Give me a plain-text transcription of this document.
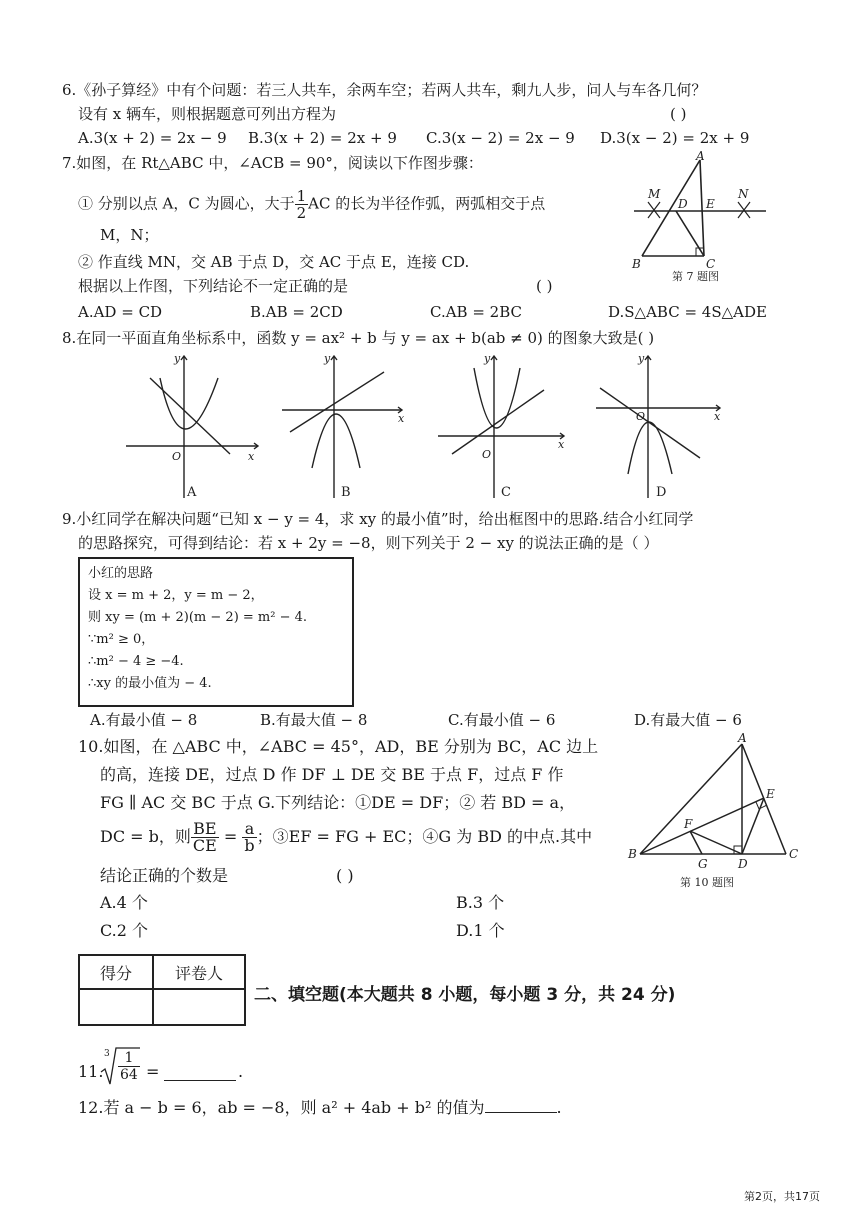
6.《孙子算经》中有个问题：若三人共车，余两车空；若两人共车，剩九人步，问人与车各几何？
设有 x 辆车，则根据题意可列出方程为	( )
A.3(x + 2) = 2x − 9 B.3(x + 2) = 2x + 9 C.3(x − 2) = 2x − 9 D.3(x − 2) = 2x + 9
7.如图，在 Rt△ABC 中，∠ACB = 90°，阅读以下作图步骤：
① 分别以点 A，C 为圆心，大于 $\frac{1}{2}$ AC 的长为半径作弧，两弧相交于点
M，N；
② 作直线 MN，交 AB 于点 D，交 AC 于点 E，连接 CD.
根据以上作图，下列结论不一定正确的是	( )
A.AD = CD	B.AB = 2CD	C.AB = 2BC	D.S△ABC = 4S△ADE
A
B	C
D E
M	N
第 7 题图
8.在同一平面直角坐标系中，函数 y = ax² + b 与 y = ax + b(ab ≠ 0) 的图象大致是( )
y
x
O
A
y
x
B
y
x
O
C
y
x
O
D
9.小红同学在解决问题“已知 x − y = 4，求 xy 的最小值”时，给出框图中的思路.结合小红同学
的思路探究，可得到结论：若 x + 2y = −8，则下列关于 2 − xy 的说法正确的是（ ）
小红的思路
设 x = m + 2，y = m − 2，
则 xy = (m + 2)(m − 2) = m² − 4.
∵m² ≥ 0，
∴m² − 4 ≥ −4.
∴xy 的最小值为 − 4.
A.有最小值 − 8	B.有最大值 − 8	C.有最小值 − 6	D.有最大值 − 6
10.如图，在 △ABC 中，∠ABC = 45°，AD，BE 分别为 BC，AC 边上
的高，连接 DE，过点 D 作 DF ⊥ DE 交 BE 于点 F，过点 F 作
FG ∥ AC 交 BC 于点 G.下列结论：①DE = DF；② 若 BD = a，
DC = b，则 $\frac{BE}{CE} = \frac{a}{b}$ ；③EF = FG + EC；④G 为 BD 的中点.其中
结论正确的个数是	( )
A.4 个	B.3 个
C.2 个	D.1 个
A
B	C
D
E
F
G
第 10 题图
得分	评卷人

二、填空题(本大题共 8 小题，每小题 3 分，共 24 分)
11.
$3 \frac{1}{64}$ =	.
12.若 a − b = 6，ab = −8，则 a² + 4ab + b² 的值为	.
第2页，共17页
